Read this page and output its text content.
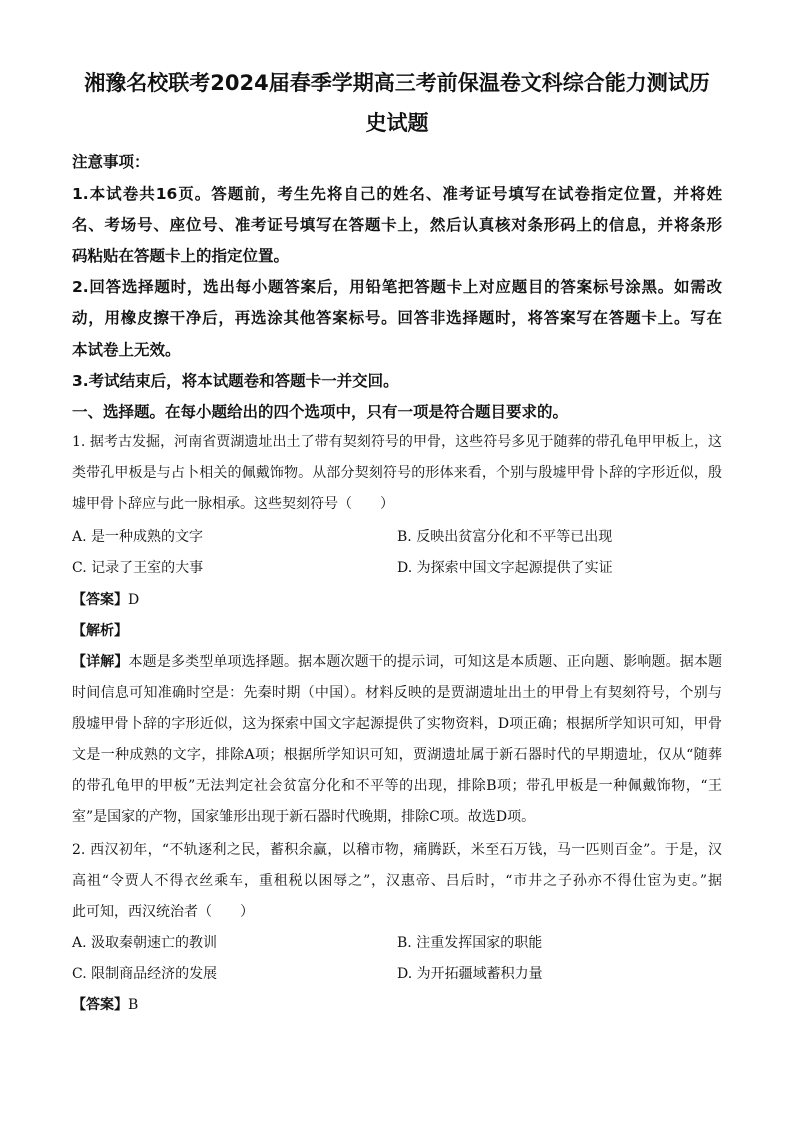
湘豫名校联考2024届春季学期高三考前保温卷文科综合能力测试历
史试题
注意事项：
1.本试卷共16页。答题前，考生先将自己的姓名、准考证号填写在试卷指定位置，并将姓
名、考场号、座位号、准考证号填写在答题卡上，然后认真核对条形码上的信息，并将条形
码粘贴在答题卡上的指定位置。
2.回答选择题时，选出每小题答案后，用铅笔把答题卡上对应题目的答案标号涂黑。如需改
动，用橡皮擦干净后，再选涂其他答案标号。回答非选择题时，将答案写在答题卡上。写在
本试卷上无效。
3.考试结束后，将本试题卷和答题卡一并交回。
一、选择题。在每小题给出的四个选项中，只有一项是符合题目要求的。
1. 据考古发掘，河南省贾湖遗址出土了带有契刻符号的甲骨，这些符号多见于随葬的带孔龟甲甲板上，这
类带孔甲板是与占卜相关的佩戴饰物。从部分契刻符号的形体来看，个别与殷墟甲骨卜辞的字形近似，殷
墟甲骨卜辞应与此一脉相承。这些契刻符号（　　）
A. 是一种成熟的文字	B. 反映出贫富分化和不平等已出现
C. 记录了王室的大事	D. 为探索中国文字起源提供了实证
【答案】D
【解析】
【详解】本题是多类型单项选择题。据本题次题干的提示词，可知这是本质题、正向题、影响题。据本题
时间信息可知准确时空是：先秦时期（中国）。材料反映的是贾湖遗址出土的甲骨上有契刻符号，个别与
殷墟甲骨卜辞的字形近似，这为探索中国文字起源提供了实物资料，D项正确；根据所学知识可知，甲骨
文是一种成熟的文字，排除A项；根据所学知识可知，贾湖遗址属于新石器时代的早期遗址，仅从“随葬
的带孔龟甲的甲板”无法判定社会贫富分化和不平等的出现，排除B项；带孔甲板是一种佩戴饰物，“王
室”是国家的产物，国家雏形出现于新石器时代晚期，排除C项。故选D项。
2. 西汉初年，“不轨逐利之民，蓄积余赢，以稽市物，痛腾跃，米至石万钱，马一匹则百金”。于是，汉
高祖“令贾人不得衣丝乘车，重租税以困辱之”，汉惠帝、吕后时，“市井之子孙亦不得仕宦为吏。”据
此可知，西汉统治者（　　）
A. 汲取秦朝速亡的教训	B. 注重发挥国家的职能
C. 限制商品经济的发展	D. 为开拓疆域蓄积力量
【答案】B
